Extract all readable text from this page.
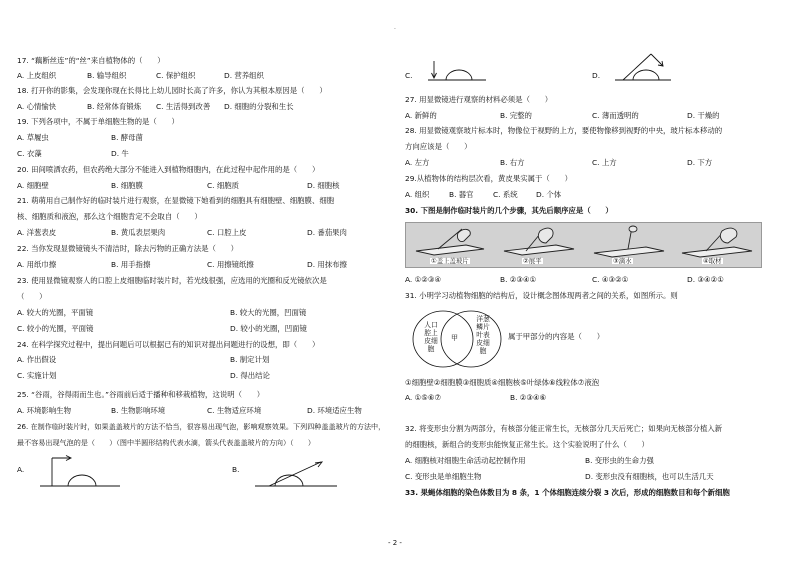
·
17. “藕断丝连”的“丝”来自植物体的（　　）
A. 上皮组织	B. 输导组织	C. 保护组织	D. 营养组织
18. 打开你的影集，会发现你现在长得比上幼儿园时长高了许多，你认为其根本原因是（　　）
A. 心情愉快	B. 经常体育锻炼 C. 生活得到改善 D. 细胞的分裂和生长
19. 下列各项中，不属于单细胞生物的是（　　）
A. 草履虫	B. 酵母菌
C. 衣藻	D. 牛
20. 田间喷洒农药，但农药绝大部分不能进入到植物细胞内，在此过程中起作用的是（　　）
A. 细胞壁	B. 细胞膜	C. 细胞质	D. 细胞核
21. 萌萌用自己制作好的临时装片进行观察，在显微镜下她看到的细胞具有细胞壁、细胞膜、细胞
核、细胞质和液泡，那么这个细胞肯定不会取自（　　）
A. 洋葱表皮	B. 黄瓜表层果肉	C. 口腔上皮	D. 番茄果肉
22. 当你发现显微镜镜头不清洁时，除去污物的正确方法是（　　）
A. 用纸巾擦	B. 用手指擦	C. 用擦镜纸擦	D. 用抹布擦
23. 使用显微镜观察人的口腔上皮细胞临时装片时，若光线很强，应选用的光圈和反光镜依次是
（　　）
A. 较大的光圈，平面镜	B. 较大的光圈，凹面镜
C. 较小的光圈，平面镜	D. 较小的光圈，凹面镜
24. 在科学探究过程中，提出问题后可以根据已有的知识对提出问题进行的设想，即（　　）
A. 作出假设	B. 制定计划
C. 实施计划	D. 得出结论
25. “谷雨，谷得雨而生也。”谷雨前后适于播种和移栽植物，这说明（　　）
A. 环境影响生物	B. 生物影响环境	C. 生物适应环境	D. 环境适应生物
26. 在制作临时装片时，如果盖盖玻片的方法不恰当，很容易出现气泡，影响观察效果。下列四种盖盖玻片的方法中，
最不容易出现气泡的是（　　）（图中半圆形结构代表水滴，箭头代表盖盖玻片的方向）（　　）
A.	B.
C.	D.
27. 用显微镜进行观察的材料必须是（　　）
A. 新鲜的	B. 完整的	C. 薄而透明的	D. 干燥的
28. 用显微镜观察玻片标本时，物像位于视野的上方，要使物像移到视野的中央，玻片标本移动的
方向应该是（　　）
A. 左方	B. 右方	C. 上方	D. 下方
29.从植物体的结构层次看，黄皮果实属于（　　）
A. 组织	B. 器官	C. 系统 D. 个体
30. 下图是制作临时装片的几个步骤，其先后顺序应是（　　）
①盖上盖玻片	②展平	③滴水	④取材
A. ①②③④	B. ②③④①	C. ④③②①	D. ③④②①
31. 小明学习动植物细胞的结构后，设计概念图体现两者之间的关系，如图所示。则
人口
腔上
皮细
胞
甲
洋葱
鳞片
叶表
皮细
胞
属于甲部分的内容是（　　）
①细胞壁②细胞膜③细胞质④细胞核⑤叶绿体⑥线粒体⑦液泡
A. ①⑤⑥⑦	B. ②③④⑥
32. 将变形虫分割为两部分，有核部分能正常生长，无核部分几天后死亡；如果向无核部分植入新
的细胞核，新组合的变形虫能恢复正常生长。这个实验说明了什么（　　）
A. 细胞核对细胞生命活动起控制作用	B. 变形虫的生命力强
C. 变形虫是单细胞生物	D. 变形虫没有细胞核，也可以生活几天
33. 果蝇体细胞的染色体数目为 8 条，1 个体细胞连续分裂 3 次后，形成的细胞数目和每个新细胞
- 2 -
